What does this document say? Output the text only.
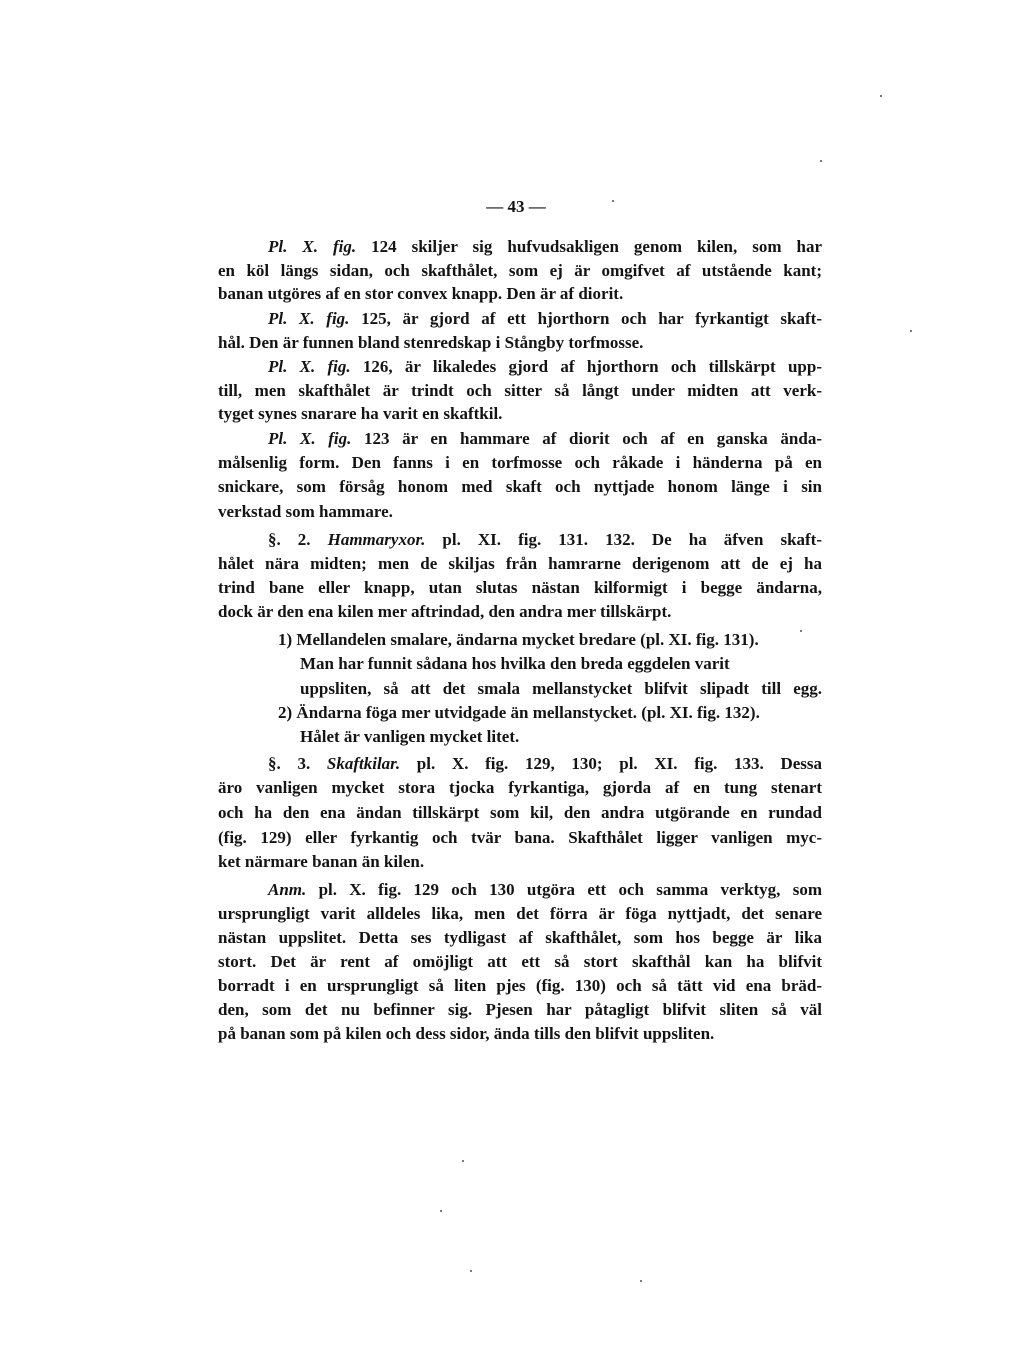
— 43 —
Pl. X. fig. 124 skiljer sig hufvudsakligen genom kilen, som har
en köl längs sidan, och skafthålet, som ej är omgifvet af utstående kant;
banan utgöres af en stor convex knapp. Den är af diorit.
Pl. X. fig. 125, är gjord af ett hjorthorn och har fyrkantigt skaft-
hål. Den är funnen bland stenredskap i Stångby torfmosse.
Pl. X. fig. 126, är likaledes gjord af hjorthorn och tillskärpt upp-
till, men skafthålet är trindt och sitter så långt under midten att verk-
tyget synes snarare ha varit en skaftkil.
Pl. X. fig. 123 är en hammare af diorit och af en ganska ända-
målsenlig form. Den fanns i en torfmosse och råkade i händerna på en
snickare, som försåg honom med skaft och nyttjade honom länge i sin
verkstad som hammare.
§. 2. Hammaryxor. pl. XI. fig. 131. 132. De ha äfven skaft-
hålet nära midten; men de skiljas från hamrarne derigenom att de ej ha
trind bane eller knapp, utan slutas nästan kilformigt i begge ändarna,
dock är den ena kilen mer aftrindad, den andra mer tillskärpt.
1) Mellandelen smalare, ändarna mycket bredare (pl. XI. fig. 131).
Man har funnit sådana hos hvilka den breda eggdelen varit
uppsliten, så att det smala mellanstycket blifvit slipadt till egg.
2) Ändarna föga mer utvidgade än mellanstycket. (pl. XI. fig. 132).
Hålet är vanligen mycket litet.
§. 3. Skaftkilar. pl. X. fig. 129, 130; pl. XI. fig. 133. Dessa
äro vanligen mycket stora tjocka fyrkantiga, gjorda af en tung stenart
och ha den ena ändan tillskärpt som kil, den andra utgörande en rundad
(fig. 129) eller fyrkantig och tvär bana. Skafthålet ligger vanligen myc-
ket närmare banan än kilen.
Anm. pl. X. fig. 129 och 130 utgöra ett och samma verktyg, som
ursprungligt varit alldeles lika, men det förra är föga nyttjadt, det senare
nästan uppslitet. Detta ses tydligast af skafthålet, som hos begge är lika
stort. Det är rent af omöjligt att ett så stort skafthål kan ha blifvit
borradt i en ursprungligt så liten pjes (fig. 130) och så tätt vid ena bräd-
den, som det nu befinner sig. Pjesen har påtagligt blifvit sliten så väl
på banan som på kilen och dess sidor, ända tills den blifvit uppsliten.
